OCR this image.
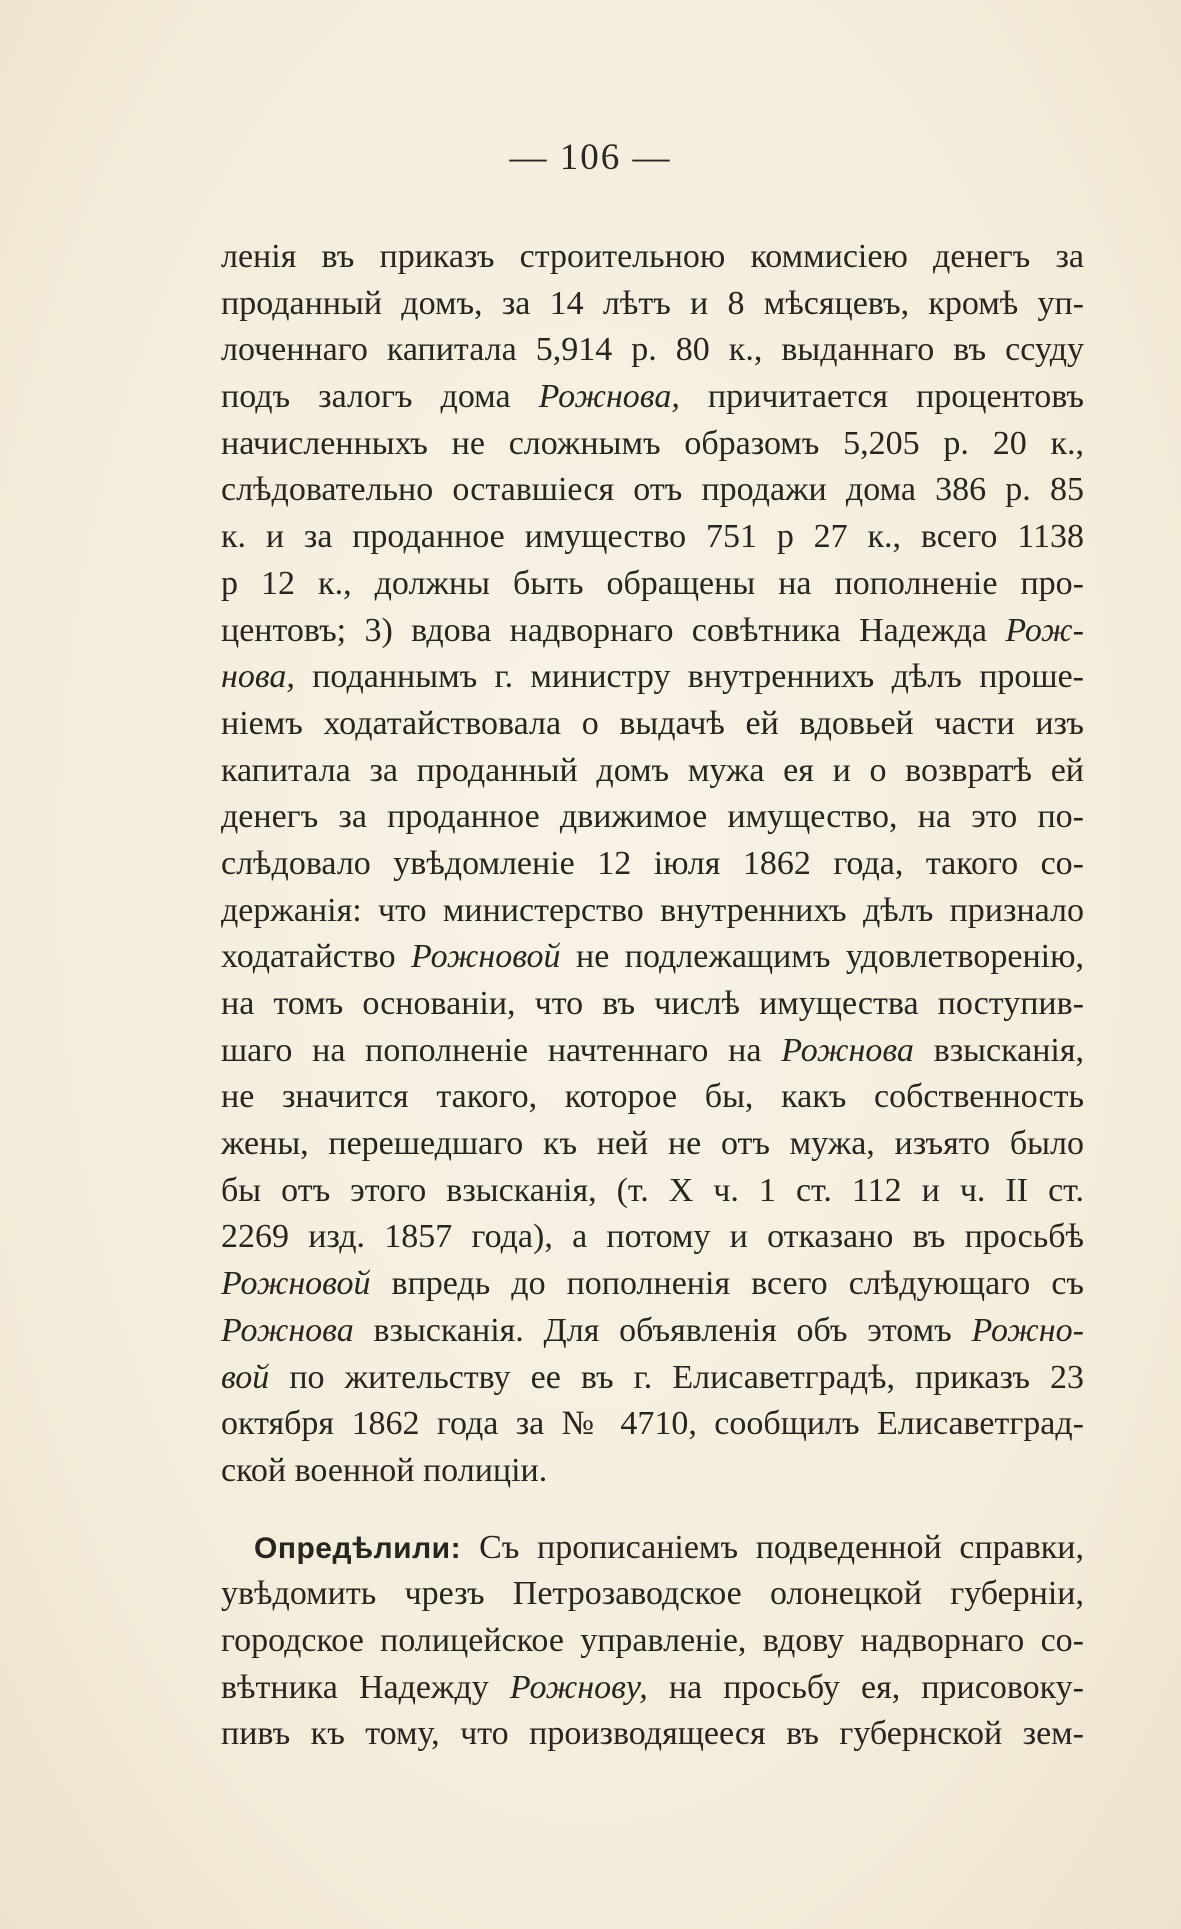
— 106 —
ленія въ приказъ строительною коммисіею денегъ за
проданный домъ, за 14 лѣтъ и 8 мѣсяцевъ, кромѣ уп-
лоченнаго капитала 5,914 р. 80 к., выданнаго въ ссуду
подъ залогъ дома Рожнова, причитается процентовъ
начисленныхъ не сложнымъ образомъ 5,205 р. 20 к.,
слѣдовательно оставшіеся отъ продажи дома 386 р. 85
к. и за проданное имущество 751 р 27 к., всего 1138
р 12 к., должны быть обращены на пополненіе про-
центовъ; 3) вдова надворнаго совѣтника Надежда Рож-
нова, поданнымъ г. министру внутреннихъ дѣлъ проше-
ніемъ ходатайствовала о выдачѣ ей вдовьей части изъ
капитала за проданный домъ мужа ея и о возвратѣ ей
денегъ за проданное движимое имущество, на это по-
слѣдовало увѣдомленіе 12 іюля 1862 года, такого со-
держанія: что министерство внутреннихъ дѣлъ признало
ходатайство Рожновой не подлежащимъ удовлетворенію,
на томъ основаніи, что въ числѣ имущества поступив-
шаго на пополненіе начтеннаго на Рожнова взысканія,
не значится такого, которое бы, какъ собственность
жены, перешедшаго къ ней не отъ мужа, изъято было
бы отъ этого взысканія, (т. X ч. 1 ст. 112 и ч. II ст.
2269 изд. 1857 года), а потому и отказано въ просьбѣ
Рожновой впредь до пополненія всего слѣдующаго съ
Рожнова взысканія. Для объявленія объ этомъ Рожно-
вой по жительству ее въ г. Елисаветградѣ, приказъ 23
октября 1862 года за № 4710, сообщилъ Елисаветград-
ской военной полиціи.
Опредѣлили: Съ прописаніемъ подведенной справки,
увѣдомить чрезъ Петрозаводское олонецкой губерніи,
городское полицейское управленіе, вдову надворнаго со-
вѣтника Надежду Рожнову, на просьбу ея, присовоку-
пивъ къ тому, что производящееся въ губернской зем-
